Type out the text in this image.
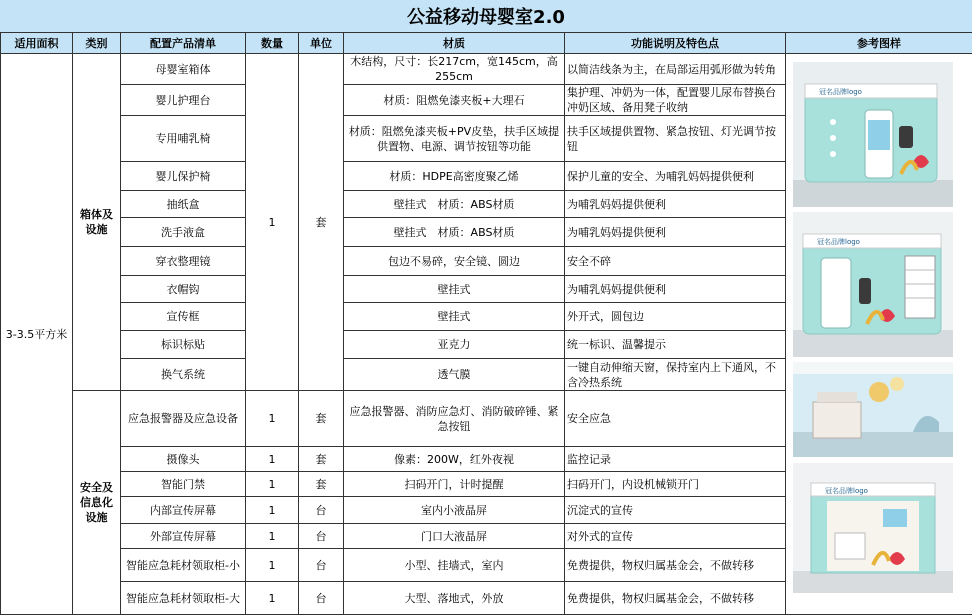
公益移动母婴室2.0
适用面积	类别	配置产品清单	数量	单位	材质	功能说明及特色点	参考图样
3-3.5平方米	箱体及设施	母婴室箱体	1	套	木结构，尺寸：长217cm，宽145cm，高255cm	以简洁线条为主，在局部运用弧形做为转角	冠名品牌logo
冠名品牌logo
冠名品牌logo

		婴儿护理台			材质：阻燃免漆夹板+大理石	集护理、冲奶为一体，配置婴儿尿布替换台冲奶区域、备用凳子收纳	
		专用哺乳椅			材质：阻燃免漆夹板+PV皮垫，扶手区域提供置物、电源、调节按钮等功能	扶手区域提供置物、紧急按钮、灯光调节按钮	
		婴儿保护椅			材质：HDPE高密度聚乙烯	保护儿童的安全、为哺乳妈妈提供便利	
		抽纸盒			壁挂式　材质：ABS材质	为哺乳妈妈提供便利	
		洗手液盒			壁挂式　材质：ABS材质	为哺乳妈妈提供便利	
		穿衣整理镜			包边不易碎，安全镜、圆边	安全不碎	
		衣帽钩			壁挂式	为哺乳妈妈提供便利	
		宣传框			壁挂式	外开式，圆包边	
		标识标贴			亚克力	统一标识、温馨提示	
		换气系统			透气膜	一键自动伸缩天窗，保持室内上下通风，不含冷热系统	
	安全及信息化设施	应急报警器及应急设备	1	套	应急报警器、消防应急灯、消防破碎锤、紧急按钮	安全应急	
		摄像头	1	套	像素：200W，红外夜视	监控记录	
		智能门禁	1	套	扫码开门，计时提醒	扫码开门，内设机械锁开门	
		内部宣传屏幕	1	台	室内小液晶屏	沉淀式的宣传	
		外部宣传屏幕	1	台	门口大液晶屏	对外式的宣传	
		智能应急耗材领取柜-小	1	台	小型、挂墙式，室内	免费提供，物权归属基金会，不做转移	
		智能应急耗材领取柜-大	1	台	大型、落地式，外放	免费提供，物权归属基金会，不做转移	
